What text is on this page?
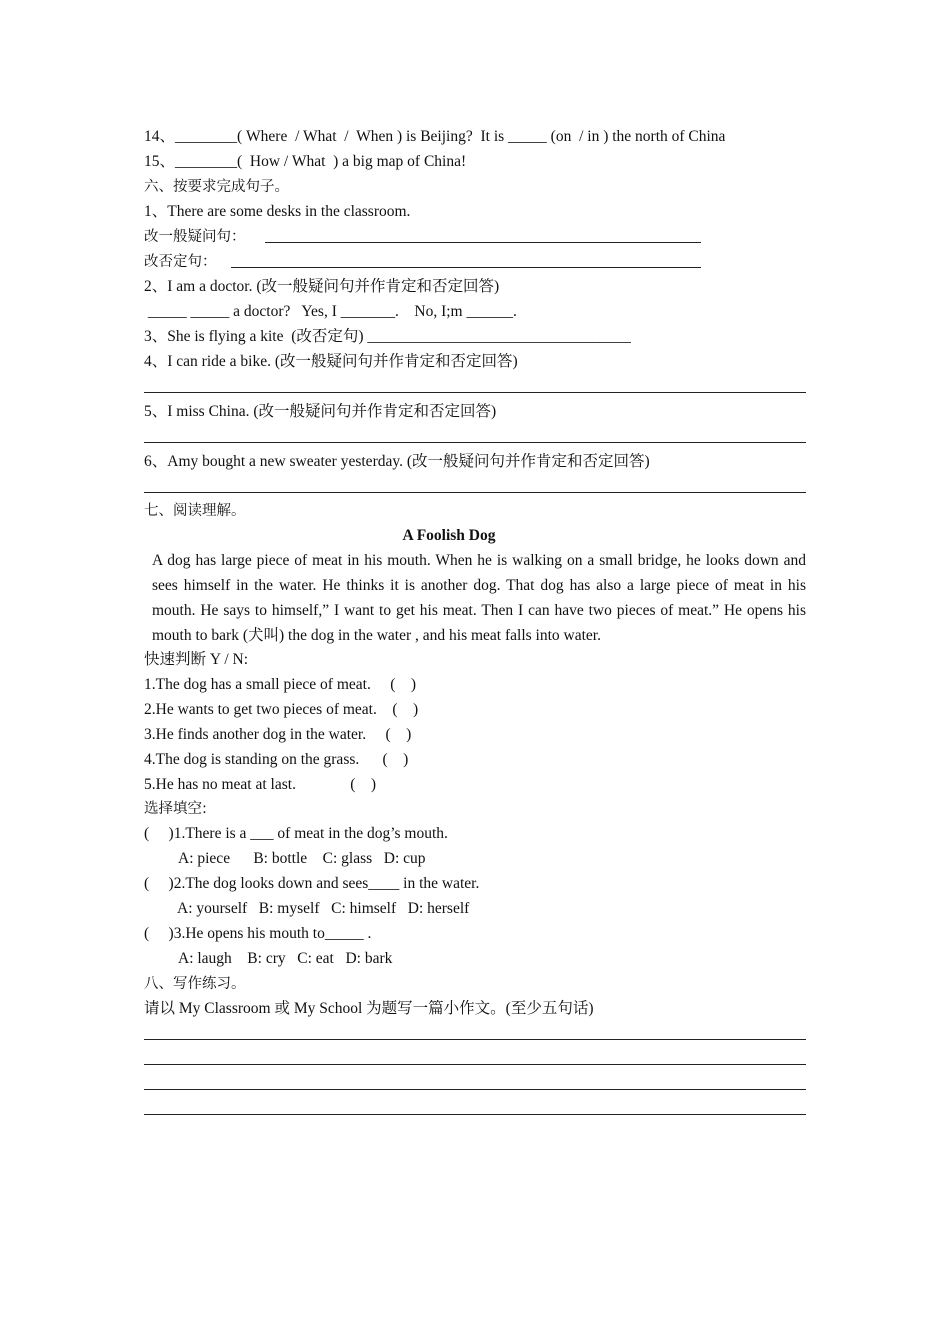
14、________( Where  / What  /  When ) is Beijing?  It is _____ (on  / in ) the north of China
15、________(  How / What  ) a big map of China!
六、按要求完成句子。
1、There are some desks in the classroom.
改一般疑问句：
改否定句：
2、I am a doctor. (改一般疑问句并作肯定和否定回答)
_____ _____ a doctor?   Yes, I _______.    No, I;m ______.
3、She is flying a kite  (改否定句) __________________________________
4、I can ride a bike. (改一般疑问句并作肯定和否定回答)
5、I miss China. (改一般疑问句并作肯定和否定回答)
6、Amy bought a new sweater yesterday. (改一般疑问句并作肯定和否定回答)
七、阅读理解。
A Foolish Dog
A dog has large piece of meat in his mouth. When he is walking on a small bridge, he looks down and sees himself in the water. He thinks it is another dog. That dog has also a large piece of meat in his mouth. He says to himself,” I want to get his meat. Then I can have two pieces of meat.” He opens his mouth to bark (犬叫) the dog in the water , and his meat falls into water.
快速判断 Y / N:
1.The dog has a small piece of meat.     (    )
2.He wants to get two pieces of meat.    (    )
3.He finds another dog in the water.     (    )
4.The dog is standing on the grass.      (    )
5.He has no meat at last.              (    )
选择填空:
(     )1.There is a ___ of meat in the dog’s mouth.
A: piece      B: bottle    C: glass   D: cup
(     )2.The dog looks down and sees____ in the water.
A: yourself   B: myself   C: himself   D: herself
(     )3.He opens his mouth to_____ .
A: laugh    B: cry   C: eat   D: bark
八、写作练习。
请以 My Classroom 或 My School 为题写一篇小作文。(至少五句话)
